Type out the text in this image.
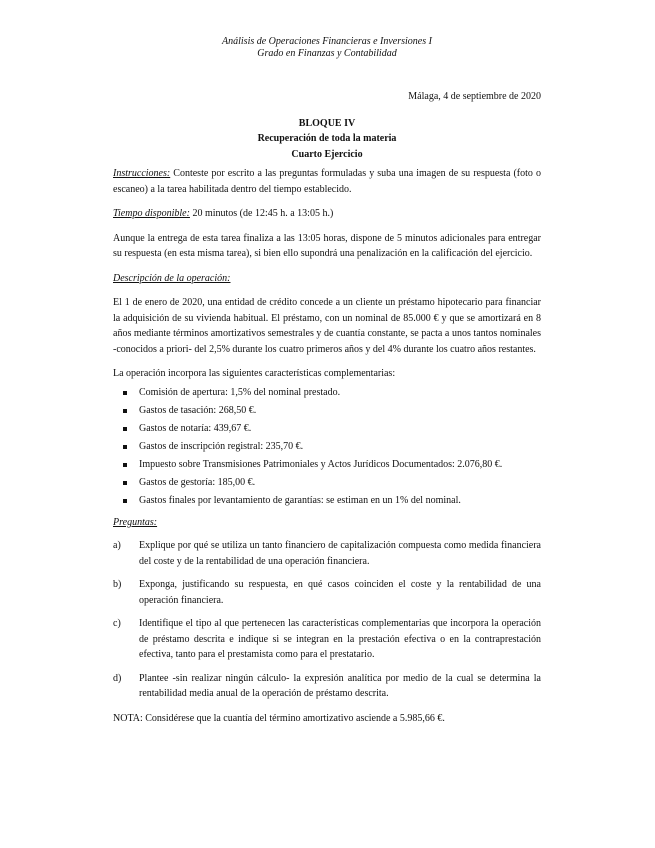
Análisis de Operaciones Financieras e Inversiones I
Grado en Finanzas y Contabilidad
Málaga, 4 de septiembre de 2020
BLOQUE IV
Recuperación de toda la materia
Cuarto Ejercicio
Instrucciones: Conteste por escrito a las preguntas formuladas y suba una imagen de su respuesta (foto o escaneo) a la tarea habilitada dentro del tiempo establecido.
Tiempo disponible: 20 minutos (de 12:45 h. a 13:05 h.)
Aunque la entrega de esta tarea finaliza a las 13:05 horas, dispone de 5 minutos adicionales para entregar su respuesta (en esta misma tarea), si bien ello supondrá una penalización en la calificación del ejercicio.
Descripción de la operación:
El 1 de enero de 2020, una entidad de crédito concede a un cliente un préstamo hipotecario para financiar la adquisición de su vivienda habitual. El préstamo, con un nominal de 85.000 € y que se amortizará en 8 años mediante términos amortizativos semestrales y de cuantía constante, se pacta a unos tantos nominales -conocidos a priori- del 2,5% durante los cuatro primeros años y del 4% durante los cuatro años restantes.
La operación incorpora las siguientes características complementarias:
Comisión de apertura: 1,5% del nominal prestado.
Gastos de tasación: 268,50 €.
Gastos de notaría: 439,67 €.
Gastos de inscripción registral: 235,70 €.
Impuesto sobre Transmisiones Patrimoniales y Actos Jurídicos Documentados: 2.076,80 €.
Gastos de gestoría: 185,00 €.
Gastos finales por levantamiento de garantías: se estiman en un 1% del nominal.
Preguntas:
a) Explique por qué se utiliza un tanto financiero de capitalización compuesta como medida financiera del coste y de la rentabilidad de una operación financiera.
b) Exponga, justificando su respuesta, en qué casos coinciden el coste y la rentabilidad de una operación financiera.
c) Identifique el tipo al que pertenecen las características complementarias que incorpora la operación de préstamo descrita e indique si se integran en la prestación efectiva o en la contraprestación efectiva, tanto para el prestamista como para el prestatario.
d) Plantee -sin realizar ningún cálculo- la expresión analítica por medio de la cual se determina la rentabilidad media anual de la operación de préstamo descrita.
NOTA: Considérese que la cuantía del término amortizativo asciende a 5.985,66 €.
